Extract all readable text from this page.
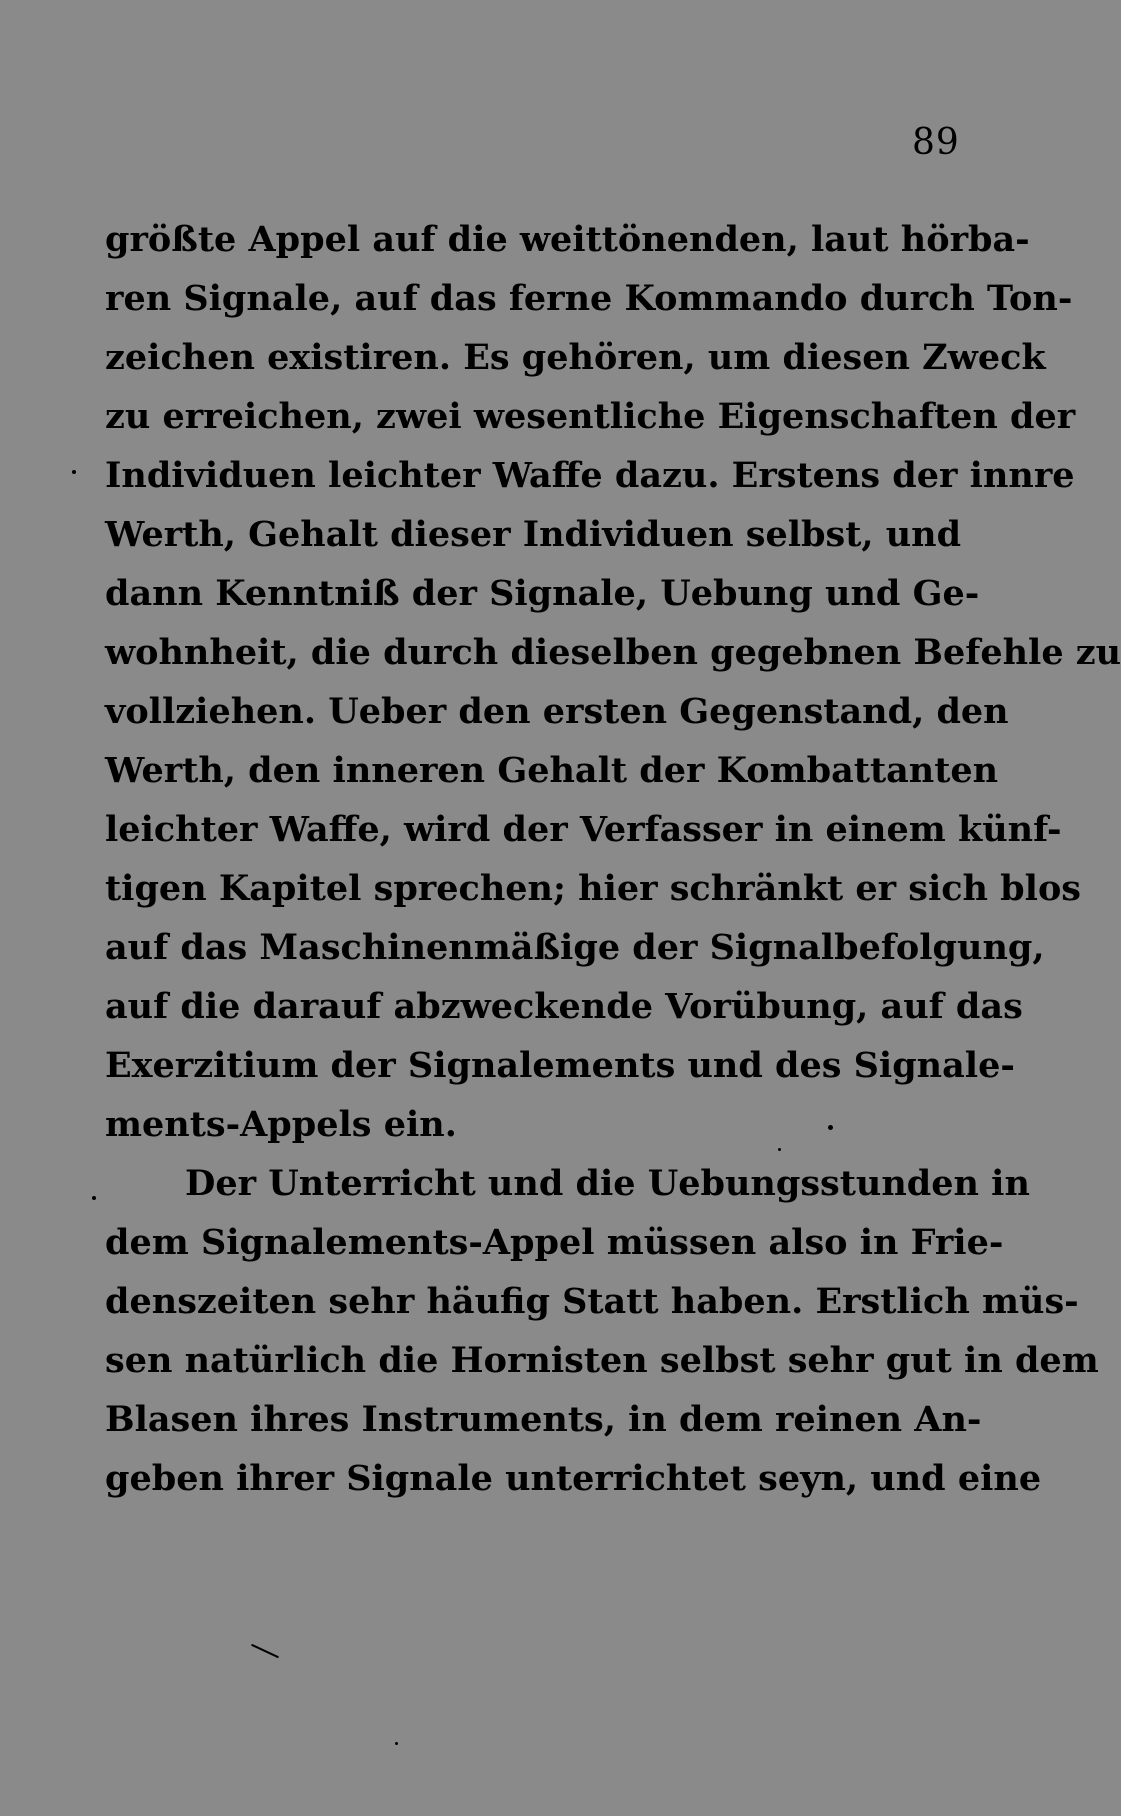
89
größte Appel auf die weittönenden, laut hörba-
ren Signale, auf das ferne Kommando durch Ton-
zeichen existiren. Es gehören, um diesen Zweck
zu erreichen, zwei wesentliche Eigenschaften der
Individuen leichter Waffe dazu. Erstens der innre
Werth, Gehalt dieser Individuen selbst, und
dann Kenntniß der Signale, Uebung und Ge-
wohnheit, die durch dieselben gegebnen Befehle zu
vollziehen. Ueber den ersten Gegenstand, den
Werth, den inneren Gehalt der Kombattanten
leichter Waffe, wird der Verfasser in einem künf-
tigen Kapitel sprechen; hier schränkt er sich blos
auf das Maschinenmäßige der Signalbefolgung,
auf die darauf abzweckende Vorübung, auf das
Exerzitium der Signalements und des Signale-
ments-Appels ein.
Der Unterricht und die Uebungsstunden in
dem Signalements-Appel müssen also in Frie-
denszeiten sehr häufig Statt haben. Erstlich müs-
sen natürlich die Hornisten selbst sehr gut in dem
Blasen ihres Instruments, in dem reinen An-
geben ihrer Signale unterrichtet seyn, und eine
